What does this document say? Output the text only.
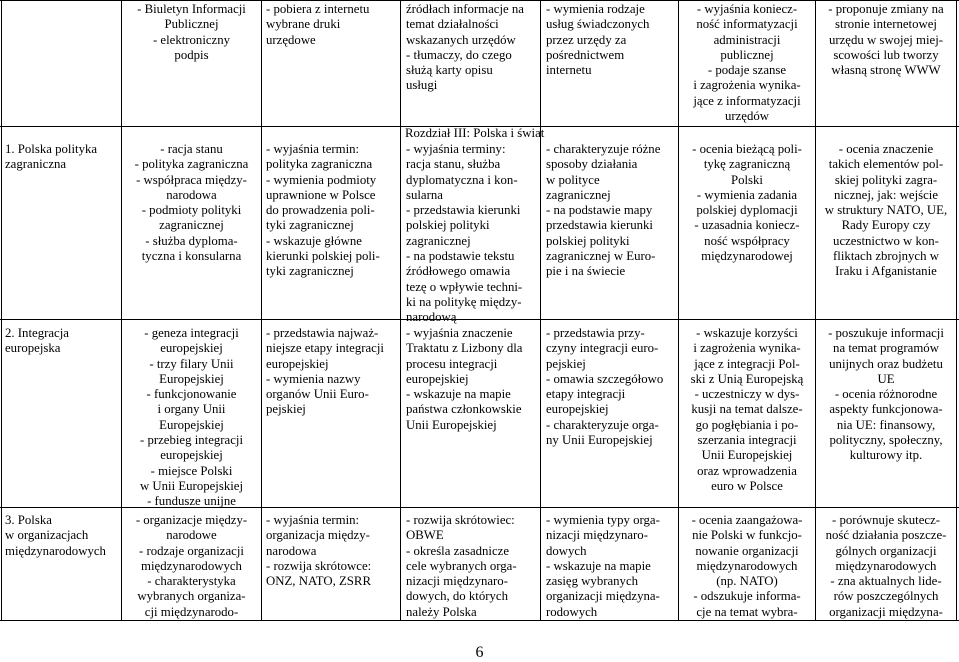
- Biuletyn Informacji
Publicznej
- elektroniczny
podpis
- pobiera z internetu
wybrane druki
urzędowe
źródłach informacje na
temat działalności
wskazanych urzędów
- tłumaczy, do czego
służą karty opisu
usługi
- wymienia rodzaje
usług świadczonych
przez urzędy za
pośrednictwem
internetu
- wyjaśnia koniecz-
ność informatyzacji
administracji
publicznej
- podaje szanse
i zagrożenia wynika-
jące z informatyzacji
urzędów
- proponuje zmiany na
stronie internetowej
urzędu w swojej miej-
scowości lub tworzy
własną stronę WWW
Rozdział III: Polska i świat
1. Polska polityka
zagraniczna
- racja stanu
- polityka zagraniczna
- współpraca między-
narodowa
- podmioty polityki
zagranicznej
- służba dyploma-
tyczna i konsularna
- wyjaśnia termin:
polityka zagraniczna
- wymienia podmioty
uprawnione w Polsce
do prowadzenia poli-
tyki zagranicznej
- wskazuje główne
kierunki polskiej poli-
tyki zagranicznej
- wyjaśnia terminy:
racja stanu, służba
dyplomatyczna i kon-
sularna
- przedstawia kierunki
polskiej polityki
zagranicznej
- na podstawie tekstu
źródłowego omawia
tezę o wpływie techni-
ki na politykę między-
narodową
- charakteryzuje różne
sposoby działania
w polityce
zagranicznej
- na podstawie mapy
przedstawia kierunki
polskiej polityki
zagranicznej w Euro-
pie i na świecie
- ocenia bieżącą poli-
tykę zagraniczną
Polski
- wymienia zadania
polskiej dyplomacji
- uzasadnia koniecz-
ność współpracy
międzynarodowej
- ocenia znaczenie
takich elementów pol-
skiej polityki zagra-
nicznej, jak: wejście
w struktury NATO, UE,
Rady Europy czy
uczestnictwo w kon-
fliktach zbrojnych w
Iraku i Afganistanie
2. Integracja
europejska
- geneza integracji
europejskiej
- trzy filary Unii
Europejskiej
- funkcjonowanie
i organy Unii
Europejskiej
- przebieg integracji
europejskiej
- miejsce Polski
w Unii Europejskiej
- fundusze unijne
- przedstawia najważ-
niejsze etapy integracji
europejskiej
- wymienia nazwy
organów Unii Euro-
pejskiej
- wyjaśnia znaczenie
Traktatu z Lizbony dla
procesu integracji
europejskiej
- wskazuje na mapie
państwa członkowskie
Unii Europejskiej
- przedstawia przy-
czyny integracji euro-
pejskiej
- omawia szczegółowo
etapy integracji
europejskiej
- charakteryzuje orga-
ny Unii Europejskiej
- wskazuje korzyści
i zagrożenia wynika-
jące z integracji Pol-
ski z Unią Europejską
- uczestniczy w dys-
kusji na temat dalsze-
go pogłębiania i po-
szerzania integracji
Unii Europejskiej
oraz wprowadzenia
euro w Polsce
- poszukuje informacji
na temat programów
unijnych oraz budżetu
UE
- ocenia różnorodne
aspekty funkcjonowa-
nia UE: finansowy,
polityczny, społeczny,
kulturowy itp.
3. Polska
w organizacjach
międzynarodowych
- organizacje między-
narodowe
- rodzaje organizacji
międzynarodowych
- charakterystyka
wybranych organiza-
cji międzynarodo-
- wyjaśnia termin:
organizacja między-
narodowa
- rozwija skrótowce:
ONZ, NATO, ZSRR
- rozwija skrótowiec:
OBWE
- określa zasadnicze
cele wybranych orga-
nizacji międzynaro-
dowych, do których
należy Polska
- wymienia typy orga-
nizacji międzynaro-
dowych
- wskazuje na mapie
zasięg wybranych
organizacji międzyna-
rodowych
- ocenia zaangażowa-
nie Polski w funkcjo-
nowanie organizacji
międzynarodowych
(np. NATO)
- odszukuje informa-
cje na temat wybra-
- porównuje skutecz-
ność działania poszcze-
gólnych organizacji
międzynarodowych
- zna aktualnych lide-
rów poszczególnych
organizacji międzyna-
6
